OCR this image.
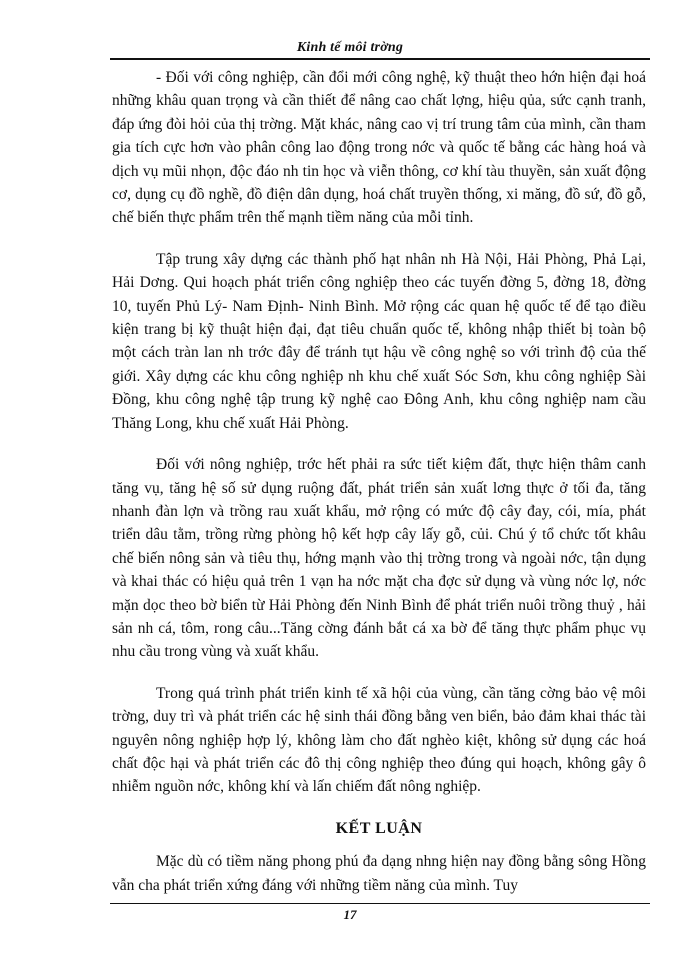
Kinh tế môi trờng

- Đối với công nghiệp, cần đổi mới công nghệ, kỹ thuật theo hớn hiện đại hoá những khâu quan trọng và cần thiết để nâng cao chất lợng, hiệu qủa, sức cạnh tranh, đáp ứng đòi hỏi của thị trờng. Mặt khác, nâng cao vị trí trung tâm của mình, cần tham gia tích cực hơn vào phân công lao động trong nớc và quốc tế bằng các hàng hoá và dịch vụ mũi nhọn, độc đáo nh tin học và viễn thông, cơ khí tàu thuyền, sản xuất động cơ, dụng cụ đồ nghề, đồ điện dân dụng, hoá chất truyền thống, xi măng, đồ sứ, đồ gỗ, chế biến thực phẩm trên thế mạnh tiềm năng của mỗi tỉnh.

Tập trung xây dựng các thành phố hạt nhân nh Hà Nội, Hải Phòng, Phả Lại, Hải Dơng. Qui hoạch phát triển công nghiệp theo các tuyến đờng 5, đờng 18, đờng 10, tuyến Phủ Lý- Nam Định- Ninh Bình. Mở rộng các quan hệ quốc tế để tạo điều kiện trang bị kỹ thuật hiện đại, đạt tiêu chuẩn quốc tế, không nhập thiết bị toàn bộ một cách tràn lan nh trớc đây để tránh tụt hậu về công nghệ so với trình độ của thế giới. Xây dựng các khu công nghiệp nh khu chế xuất Sóc Sơn, khu công nghiệp Sài Đồng, khu công nghệ tập trung kỹ nghệ cao Đông Anh, khu công nghiệp nam cầu Thăng Long, khu chế xuất Hải Phòng.

Đối với nông nghiệp, trớc hết phải ra sức tiết kiệm đất, thực hiện thâm canh tăng vụ, tăng hệ số sử dụng ruộng đất, phát triển sản xuất lơng thực ở tối đa, tăng nhanh đàn lợn và trồng rau xuất khẩu, mở rộng có mức độ cây đay, cói, mía, phát triển dâu tằm, trồng rừng phòng hộ kết hợp cây lấy gỗ, củi. Chú ý tổ chức tốt khâu chế biến nông sản và tiêu thụ, hớng mạnh vào thị trờng trong và ngoài nớc, tận dụng và khai thác có hiệu quả trên 1 vạn ha nớc mặt cha đợc sử dụng và vùng nớc lợ, nớc mặn dọc theo bờ biển từ Hải Phòng đến Ninh Bình để phát triển nuôi trồng thuỷ , hải sản nh cá, tôm, rong câu...Tăng cờng đánh bắt cá xa bờ để tăng thực phẩm phục vụ nhu cầu trong vùng và xuất khẩu.

Trong quá trình phát triển kinh tế xã hội của vùng, cần tăng cờng bảo vệ môi trờng, duy trì và phát triển các hệ sinh thái đồng bằng ven biển, bảo đảm khai thác tài nguyên nông nghiệp hợp lý, không làm cho đất nghèo kiệt, không sử dụng các hoá chất độc hại và phát triển các đô thị công nghiệp theo đúng qui hoạch, không gây ô nhiễm nguồn nớc, không khí và lấn chiếm đất nông nghiệp.

KẾT LUẬN

Mặc dù có tiềm năng phong phú đa dạng nhng hiện nay đồng bằng sông Hồng vẫn cha phát triển xứng đáng với những tiềm năng của mình. Tuy

17
